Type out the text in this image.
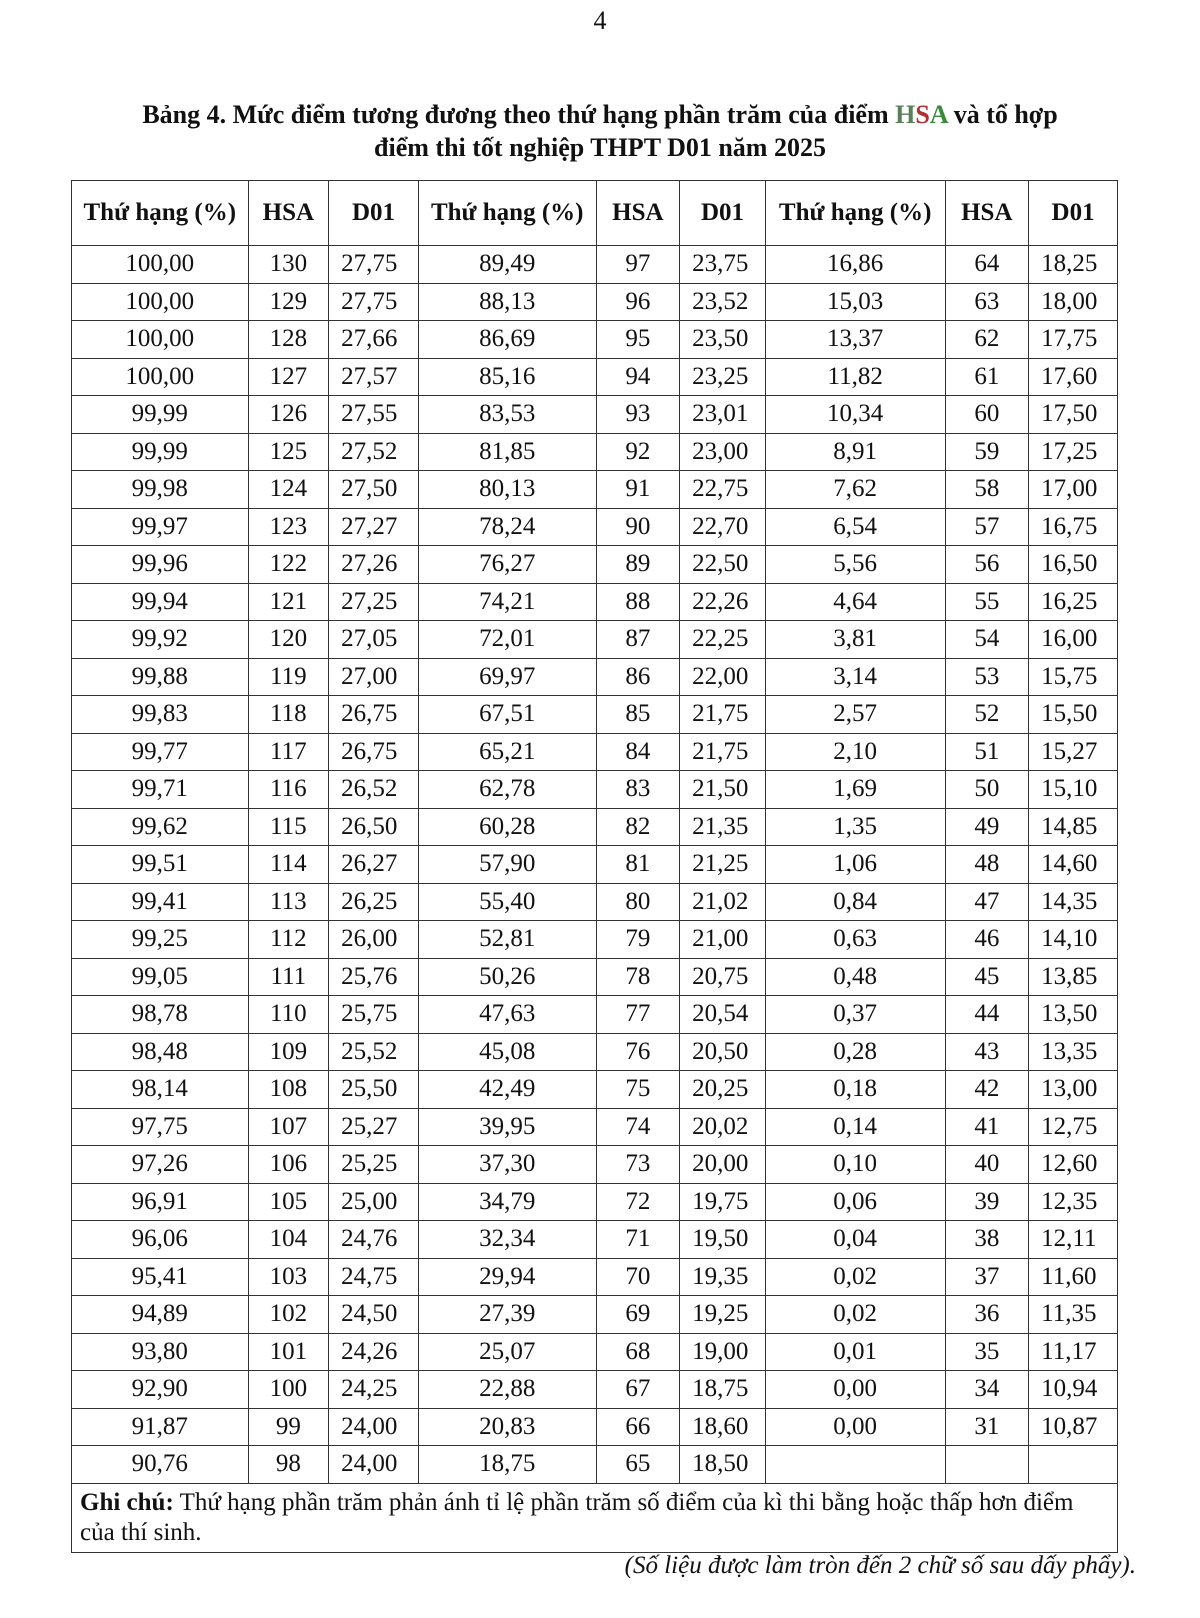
4
Bảng 4. Mức điểm tương đương theo thứ hạng phần trăm của điểm HSA và tổ hợp
điểm thi tốt nghiệp THPT D01 năm 2025
Thứ hạng (%)	HSA	D01	Thứ hạng (%)	HSA	D01	Thứ hạng (%)	HSA	D01
100,00	130	27,75	89,49	97	23,75	16,86	64	18,25
100,00	129	27,75	88,13	96	23,52	15,03	63	18,00
100,00	128	27,66	86,69	95	23,50	13,37	62	17,75
100,00	127	27,57	85,16	94	23,25	11,82	61	17,60
99,99	126	27,55	83,53	93	23,01	10,34	60	17,50
99,99	125	27,52	81,85	92	23,00	8,91	59	17,25
99,98	124	27,50	80,13	91	22,75	7,62	58	17,00
99,97	123	27,27	78,24	90	22,70	6,54	57	16,75
99,96	122	27,26	76,27	89	22,50	5,56	56	16,50
99,94	121	27,25	74,21	88	22,26	4,64	55	16,25
99,92	120	27,05	72,01	87	22,25	3,81	54	16,00
99,88	119	27,00	69,97	86	22,00	3,14	53	15,75
99,83	118	26,75	67,51	85	21,75	2,57	52	15,50
99,77	117	26,75	65,21	84	21,75	2,10	51	15,27
99,71	116	26,52	62,78	83	21,50	1,69	50	15,10
99,62	115	26,50	60,28	82	21,35	1,35	49	14,85
99,51	114	26,27	57,90	81	21,25	1,06	48	14,60
99,41	113	26,25	55,40	80	21,02	0,84	47	14,35
99,25	112	26,00	52,81	79	21,00	0,63	46	14,10
99,05	111	25,76	50,26	78	20,75	0,48	45	13,85
98,78	110	25,75	47,63	77	20,54	0,37	44	13,50
98,48	109	25,52	45,08	76	20,50	0,28	43	13,35
98,14	108	25,50	42,49	75	20,25	0,18	42	13,00
97,75	107	25,27	39,95	74	20,02	0,14	41	12,75
97,26	106	25,25	37,30	73	20,00	0,10	40	12,60
96,91	105	25,00	34,79	72	19,75	0,06	39	12,35
96,06	104	24,76	32,34	71	19,50	0,04	38	12,11
95,41	103	24,75	29,94	70	19,35	0,02	37	11,60
94,89	102	24,50	27,39	69	19,25	0,02	36	11,35
93,80	101	24,26	25,07	68	19,00	0,01	35	11,17
92,90	100	24,25	22,88	67	18,75	0,00	34	10,94
91,87	99	24,00	20,83	66	18,60	0,00	31	10,87
90,76	98	24,00	18,75	65	18,50			
Ghi chú: Thứ hạng phần trăm phản ánh tỉ lệ phần trăm số điểm của kì thi bằng hoặc thấp hơn điểm của thí sinh.								
(Số liệu được làm tròn đến 2 chữ số sau dấy phẩy).
